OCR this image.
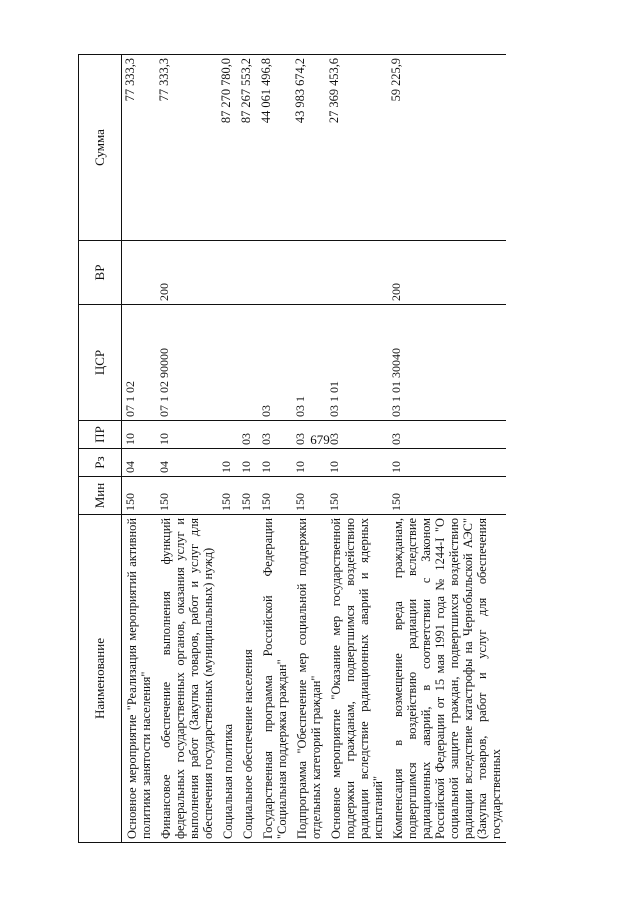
679
Наименование	Мин	Рз	ПР	ЦСР	ВР	Сумма
Основное мероприятие "Реализация мероприятий активной политики занятости населения"	150	04	10	07 1 02		77 333,3
Финансовое обеспечение выполнения функций федеральных государственных органов, оказания услуг и выполнения работ (Закупка товаров, работ и услуг для обеспечения государственных (муниципальных) нужд)	150	04	10	07 1 02 90000	200	77 333,3
Социальная политика	150	10				87 270 780,0
Социальное обеспечение населения	150	10	03			87 267 553,2
Государственная программа Российской Федерации "Социальная поддержка граждан"	150	10	03	03		44 061 496,8
Подпрограмма "Обеспечение мер социальной поддержки отдельных категорий граждан"	150	10	03	03 1		43 983 674,2
Основное мероприятие "Оказание мер государственной поддержки гражданам, подвергшимся воздействию радиации вследствие радиационных аварий и ядерных испытаний"	150	10	03	03 1 01		27 369 453,6
Компенсация в возмещение вреда гражданам, подвергшимся воздействию радиации вследствие радиационных аварий, в соответствии с Законом Российской Федерации от 15 мая 1991 года № 1244-I "О социальной защите граждан, подвергшихся воздействию радиации вследствие катастрофы на Чернобыльской АЭС" (Закупка товаров, работ и услуг для обеспечения государственных	150	10	03	03 1 01 30040	200	59 225,9
